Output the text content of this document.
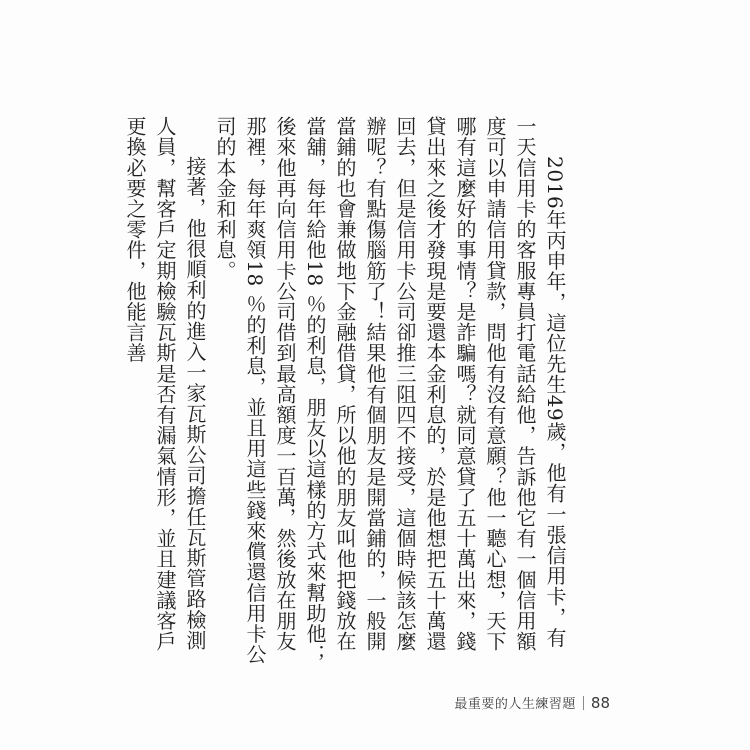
2016年丙申年，這位先生49歲，他有一張信用卡，有一天信用卡的客服專員打電話給他，告訴他它有一個信用額度可以申請信用貸款，問他有沒有意願？他一聽心想，天下哪有這麼好的事情？是詐騙嗎？就同意貸了五十萬出來，錢貸出來之後才發現是要還本金利息的，於是他想把五十萬還回去，但是信用卡公司卻推三阻四不接受，這個時候該怎麼辦呢？有點傷腦筋了！結果他有個朋友是開當鋪的，一般開當鋪的也會兼做地下金融借貸，所以他的朋友叫他把錢放在當舖，每年給他18 ％的利息，朋友以這樣的方式來幫助他；後來他再向信用卡公司借到最高額度一百萬，然後放在朋友那裡，每年爽領18 ％的利息，並且用這些錢來償還信用卡公司的本金和利息。

接著，他很順利的進入一家瓦斯公司擔任瓦斯管路檢測人員，幫客戶定期檢驗瓦斯是否有漏氣情形，並且建議客戶更換必要之零件，他能言善

最重要的人生練習題 88
